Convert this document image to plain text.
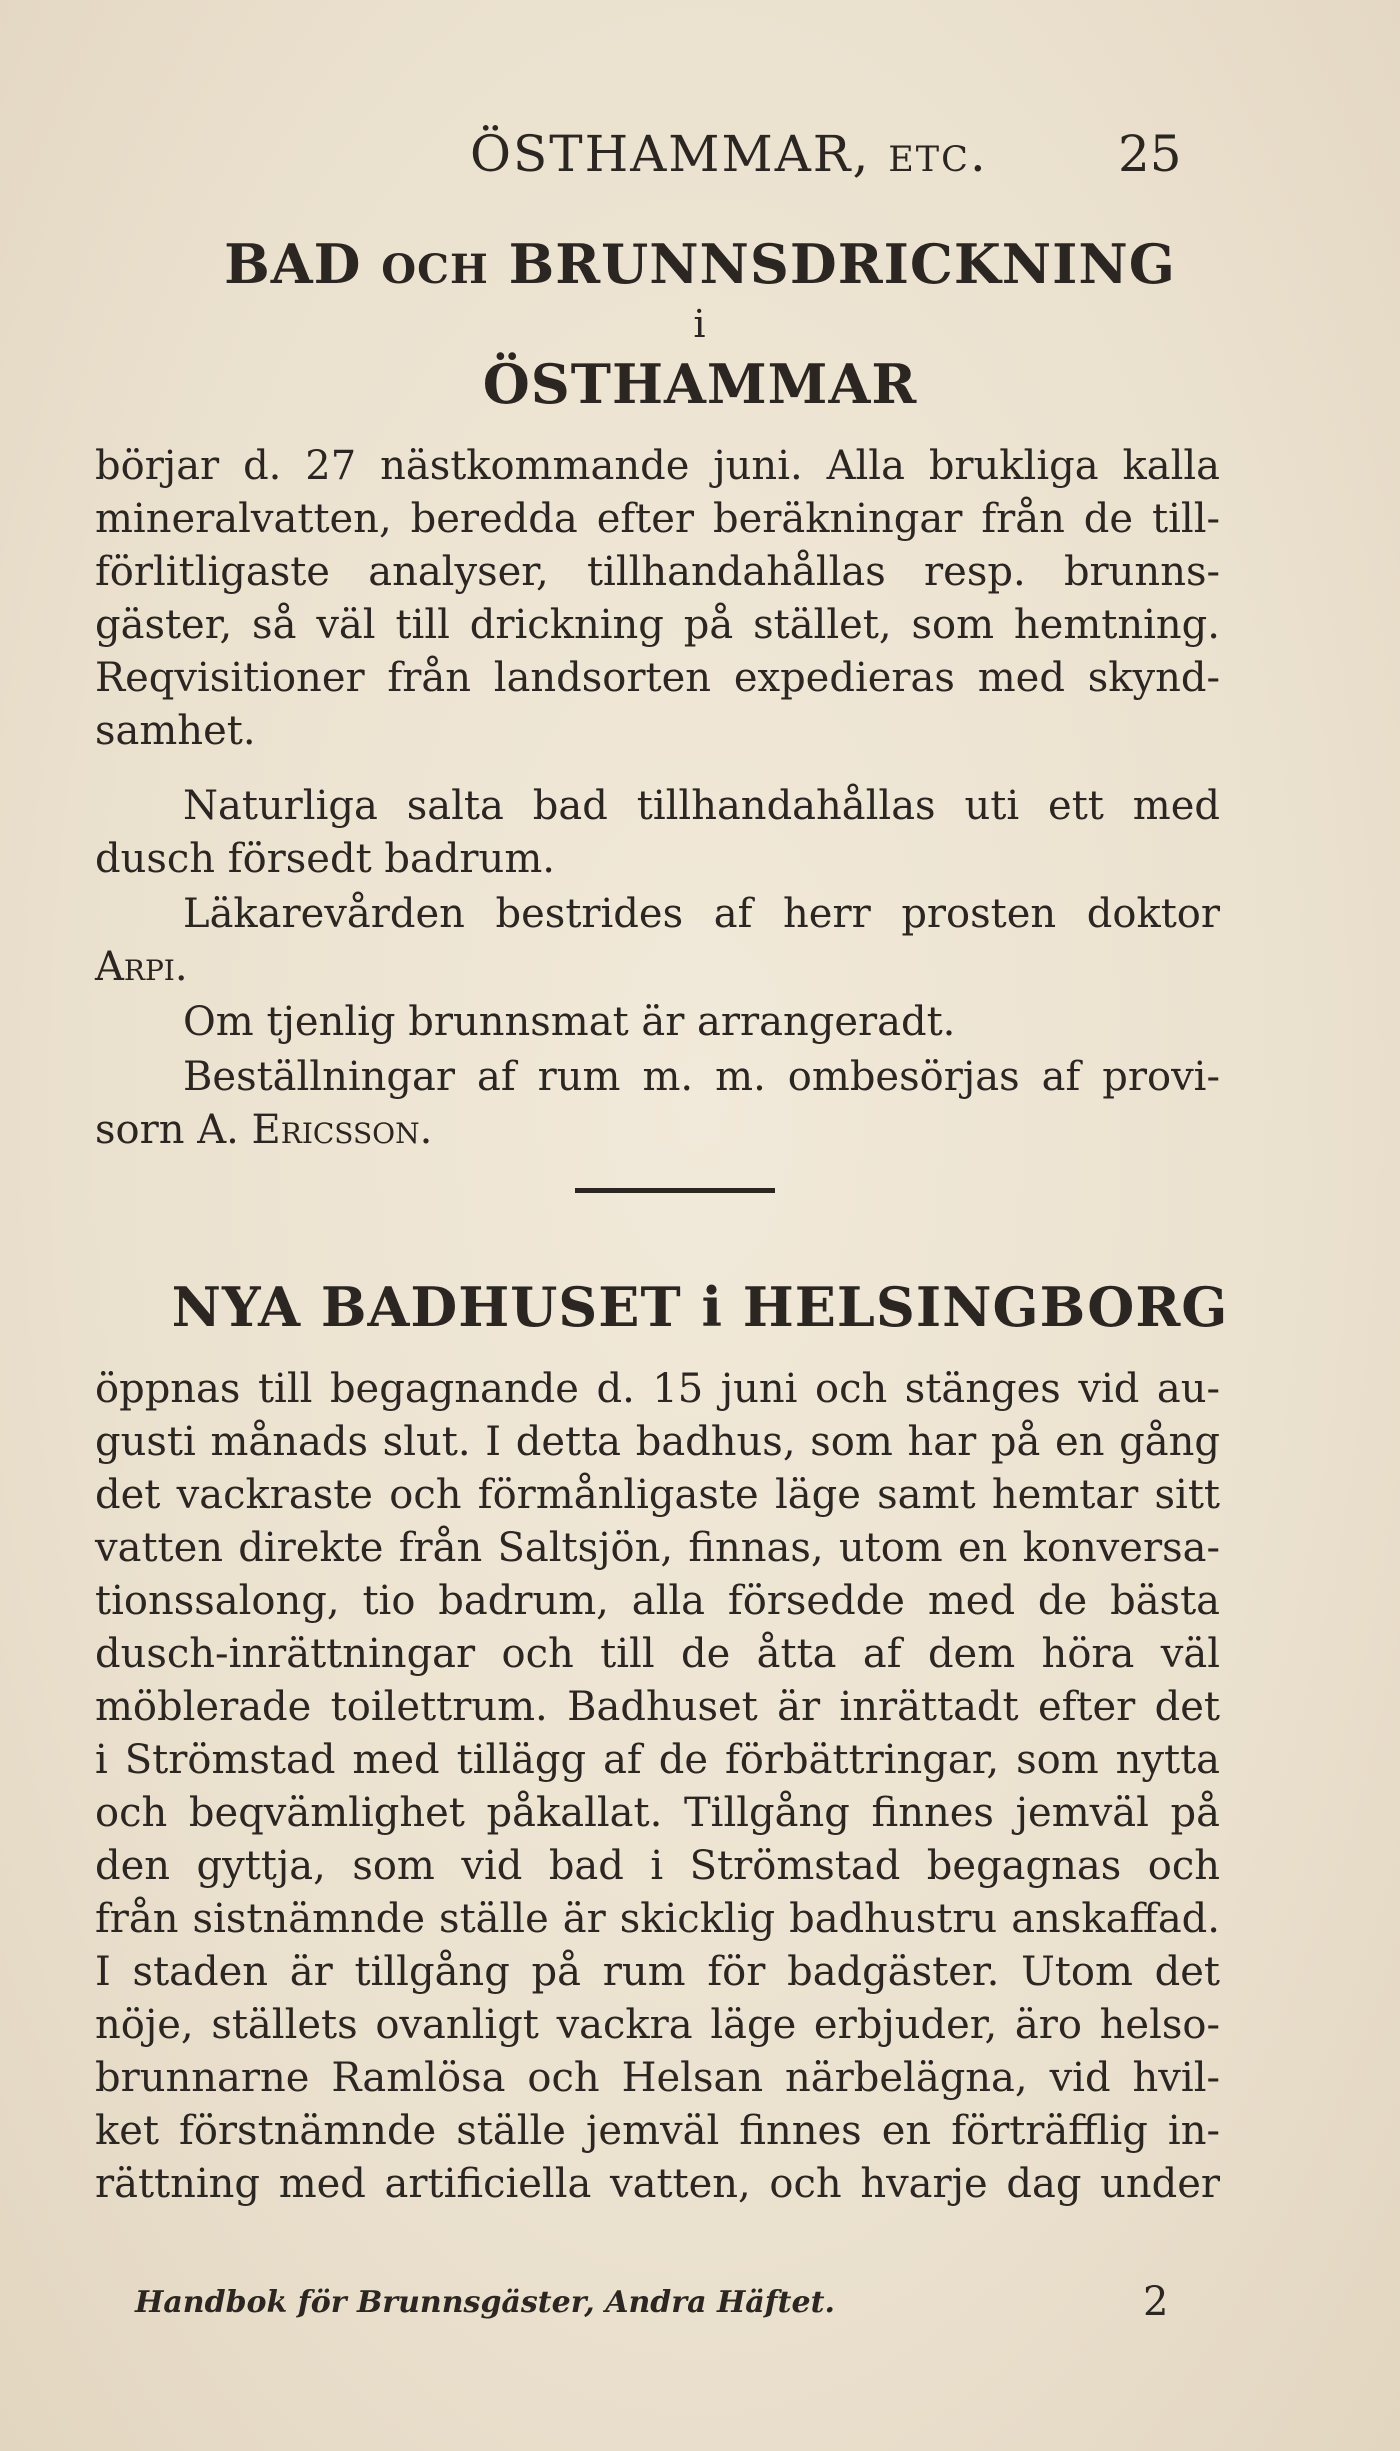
ÖSTHAMMAR, etc.	25
BAD OCH BRUNNSDRICKNING
i
ÖSTHAMMAR
börjar d. 27 nästkommande juni. Alla brukliga kalla
mineralvatten, beredda efter beräkningar från de till-
förlitligaste analyser, tillhandahållas resp. brunns-
gäster, så väl till drickning på stället, som hemtning.
Reqvisitioner från landsorten expedieras med skynd-
samhet.
Naturliga salta bad tillhandahållas uti ett med
dusch försedt badrum.
Läkarevården bestrides af herr prosten doktor
Arpi.
Om tjenlig brunnsmat är arrangeradt.
Beställningar af rum m. m. ombesörjas af provi-
sorn A. Ericsson.
NYA BADHUSET i HELSINGBORG
öppnas till begagnande d. 15 juni och stänges vid au-
gusti månads slut. I detta badhus, som har på en gång
det vackraste och förmånligaste läge samt hemtar sitt
vatten direkte från Saltsjön, finnas, utom en konversa-
tionssalong, tio badrum, alla försedde med de bästa
dusch-inrättningar och till de åtta af dem höra väl
möblerade toilettrum. Badhuset är inrättadt efter det
i Strömstad med tillägg af de förbättringar, som nytta
och beqvämlighet påkallat. Tillgång finnes jemväl på
den gyttja, som vid bad i Strömstad begagnas och
från sistnämnde ställe är skicklig badhustru anskaffad.
I staden är tillgång på rum för badgäster. Utom det
nöje, ställets ovanligt vackra läge erbjuder, äro helso-
brunnarne Ramlösa och Helsan närbelägna, vid hvil-
ket förstnämnde ställe jemväl finnes en förträfflig in-
rättning med artificiella vatten, och hvarje dag under
Handbok för Brunnsgäster, Andra Häftet.	2
